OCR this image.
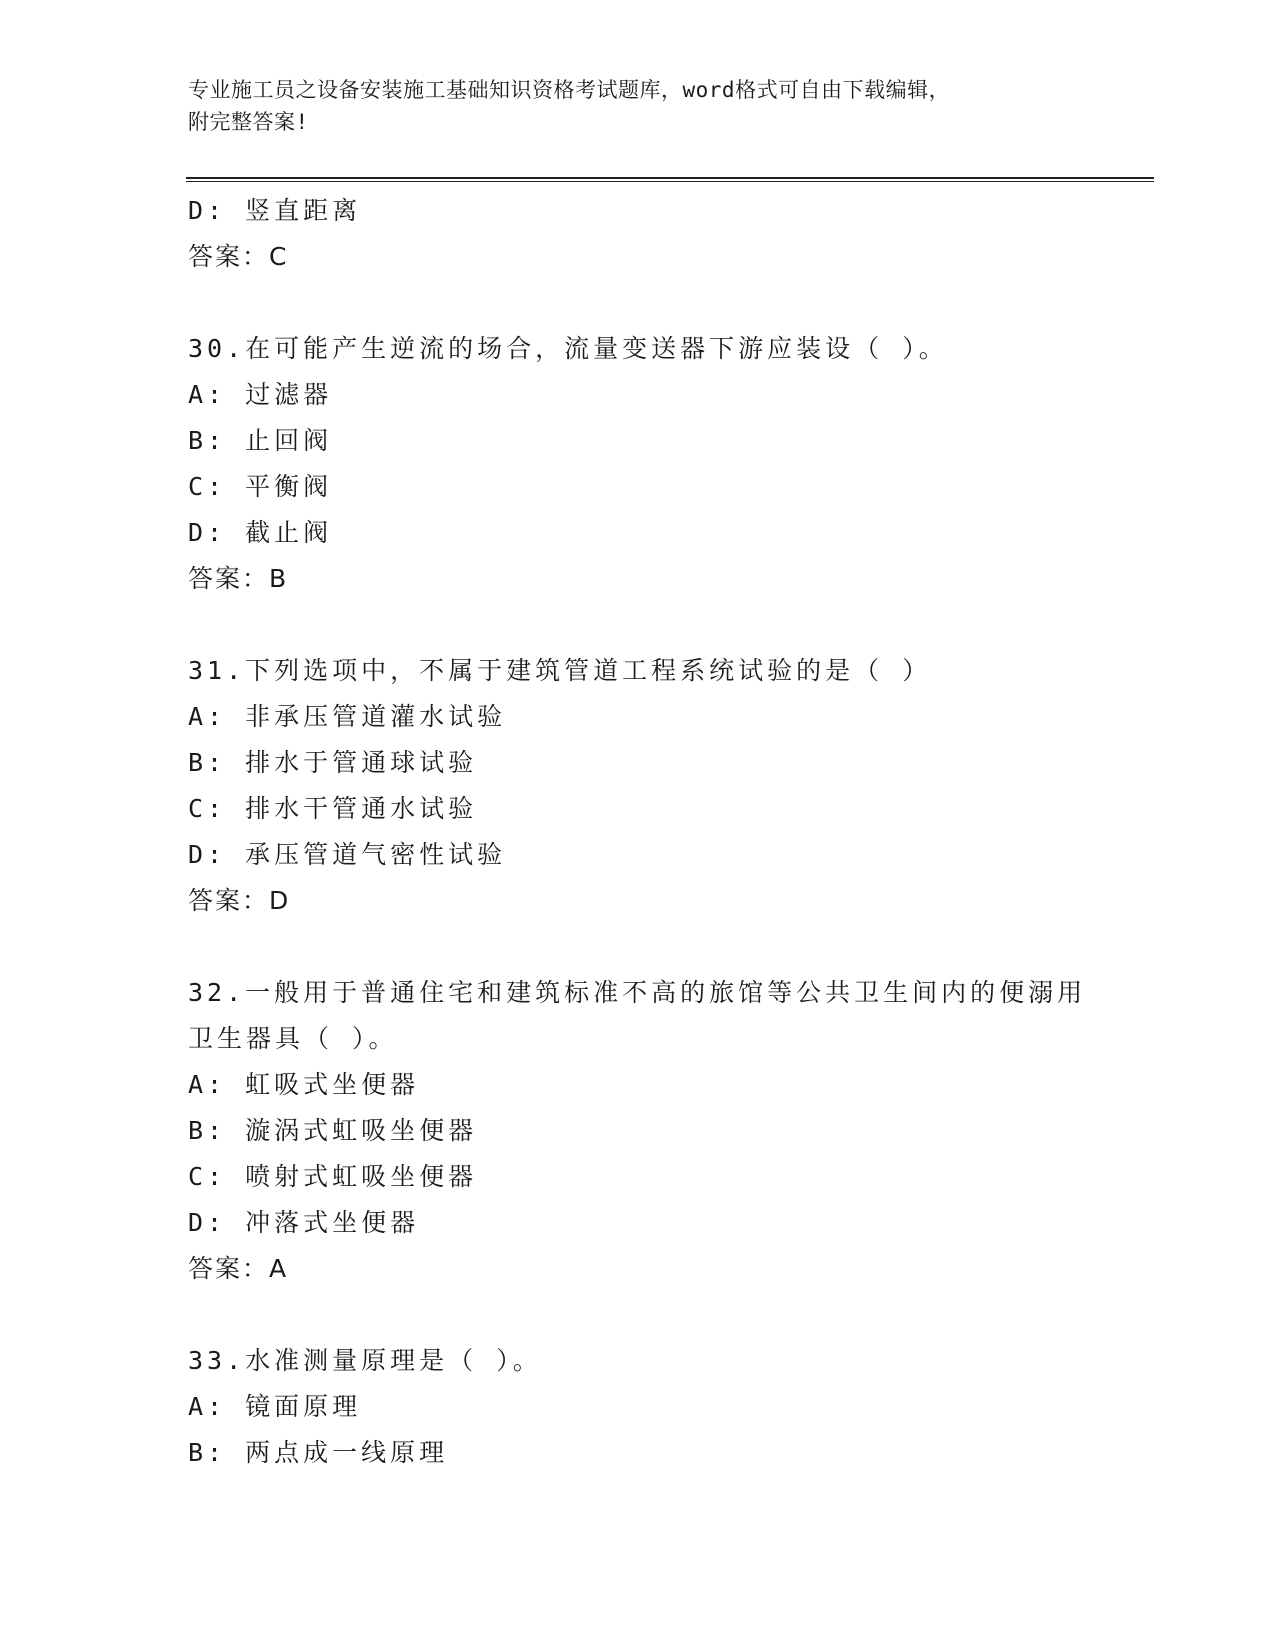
专业施工员之设备安装施工基础知识资格考试题库，word格式可自由下载编辑，
附完整答案!
D: 竖直距离
答案：C
30.在可能产生逆流的场合，流量变送器下游应装设（ ）。
A: 过滤器
B: 止回阀
C: 平衡阀
D: 截止阀
答案：B
31.下列选项中，不属于建筑管道工程系统试验的是（ ）
A: 非承压管道灌水试验
B: 排水于管通球试验
C: 排水干管通水试验
D: 承压管道气密性试验
答案：D
32.一般用于普通住宅和建筑标准不高的旅馆等公共卫生间内的便溺用
卫生器具（ ）。
A: 虹吸式坐便器
B: 漩涡式虹吸坐便器
C: 喷射式虹吸坐便器
D: 冲落式坐便器
答案：A
33.水准测量原理是（ ）。
A: 镜面原理
B: 两点成一线原理
